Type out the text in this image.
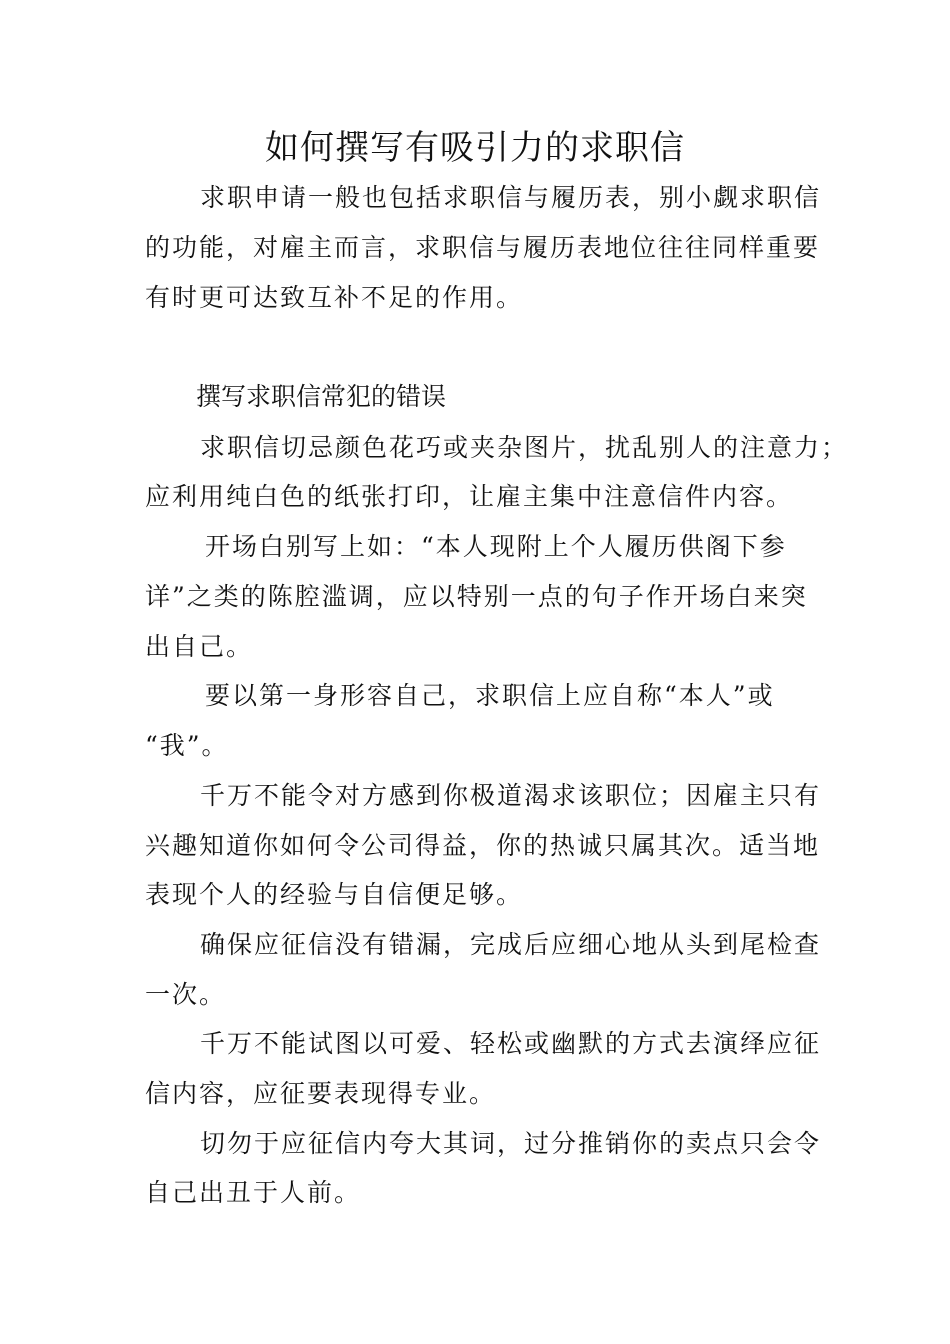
如何撰写有吸引力的求职信
求职申请一般也包括求职信与履历表，别小觑求职信
的功能，对雇主而言，求职信与履历表地位往往同样重要
有时更可达致互补不足的作用。
撰写求职信常犯的错误
求职信切忌颜色花巧或夹杂图片，扰乱别人的注意力；
应利用纯白色的纸张打印，让雇主集中注意信件内容。
开场白别写上如：“本人现附上个人履历供阁下参
详”之类的陈腔滥调，应以特别一点的句子作开场白来突
出自己。
要以第一身形容自己，求职信上应自称“本人”或
“我”。
千万不能令对方感到你极道渴求该职位；因雇主只有
兴趣知道你如何令公司得益，你的热诚只属其次。适当地
表现个人的经验与自信便足够。
确保应征信没有错漏，完成后应细心地从头到尾检查
一次。
千万不能试图以可爱、轻松或幽默的方式去演绎应征
信内容，应征要表现得专业。
切勿于应征信内夸大其词，过分推销你的卖点只会令
自己出丑于人前。
